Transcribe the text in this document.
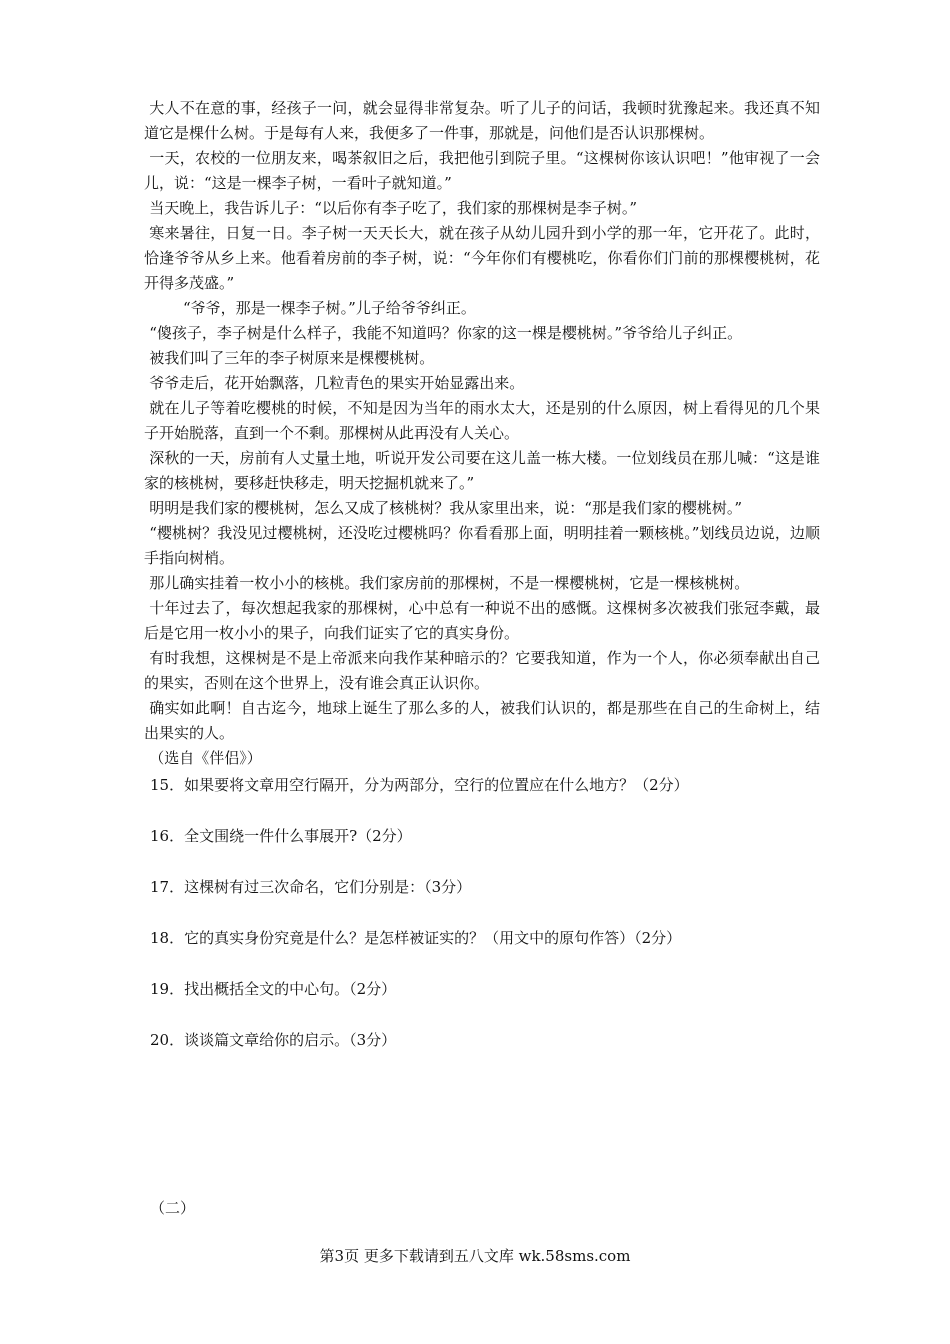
大人不在意的事，经孩子一问，就会显得非常复杂。听了儿子的问话，我顿时犹豫起来。我还真不知道它是棵什么树。于是每有人来，我便多了一件事，那就是，问他们是否认识那棵树。

一天，农校的一位朋友来，喝茶叙旧之后，我把他引到院子里。“这棵树你该认识吧！”他审视了一会儿，说：“这是一棵李子树，一看叶子就知道。”

当天晚上，我告诉儿子：“以后你有李子吃了，我们家的那棵树是李子树。”

寒来暑往，日复一日。李子树一天天长大，就在孩子从幼儿园升到小学的那一年，它开花了。此时，恰逢爷爷从乡上来。他看着房前的李子树，说：“今年你们有樱桃吃，你看你们门前的那棵樱桃树，花开得多茂盛。”

“爷爷，那是一棵李子树。”儿子给爷爷纠正。

“傻孩子，李子树是什么样子，我能不知道吗？你家的这一棵是樱桃树。”爷爷给儿子纠正。

被我们叫了三年的李子树原来是棵樱桃树。

爷爷走后，花开始飘落，几粒青色的果实开始显露出来。

就在儿子等着吃樱桃的时候，不知是因为当年的雨水太大，还是别的什么原因，树上看得见的几个果子开始脱落，直到一个不剩。那棵树从此再没有人关心。

深秋的一天，房前有人丈量土地，听说开发公司要在这儿盖一栋大楼。一位划线员在那儿喊：“这是谁家的核桃树，要移赶快移走，明天挖掘机就来了。”

明明是我们家的樱桃树，怎么又成了核桃树？我从家里出来，说：“那是我们家的樱桃树。”

“樱桃树？我没见过樱桃树，还没吃过樱桃吗？你看看那上面，明明挂着一颗核桃。”划线员边说，边顺手指向树梢。

那儿确实挂着一枚小小的核桃。我们家房前的那棵树，不是一棵樱桃树，它是一棵核桃树。

十年过去了，每次想起我家的那棵树，心中总有一种说不出的感慨。这棵树多次被我们张冠李戴，最后是它用一枚小小的果子，向我们证实了它的真实身份。

有时我想，这棵树是不是上帝派来向我作某种暗示的？它要我知道，作为一个人，你必须奉献出自己的果实，否则在这个世界上，没有谁会真正认识你。

确实如此啊！自古迄今，地球上诞生了那么多的人，被我们认识的，都是那些在自己的生命树上，结出果实的人。

（选自《伴侣》）

15．如果要将文章用空行隔开，分为两部分，空行的位置应在什么地方？（2分）
16．全文围绕一件什么事展开?（2分）
17．这棵树有过三次命名，它们分别是：（3分）
18．它的真实身份究竟是什么？是怎样被证实的？（用文中的原句作答）（2分）
19．找出概括全文的中心句。（2分）
20．谈谈篇文章给你的启示。（3分）
（二）
第3页 更多下载请到五八文库 wk.58sms.com
